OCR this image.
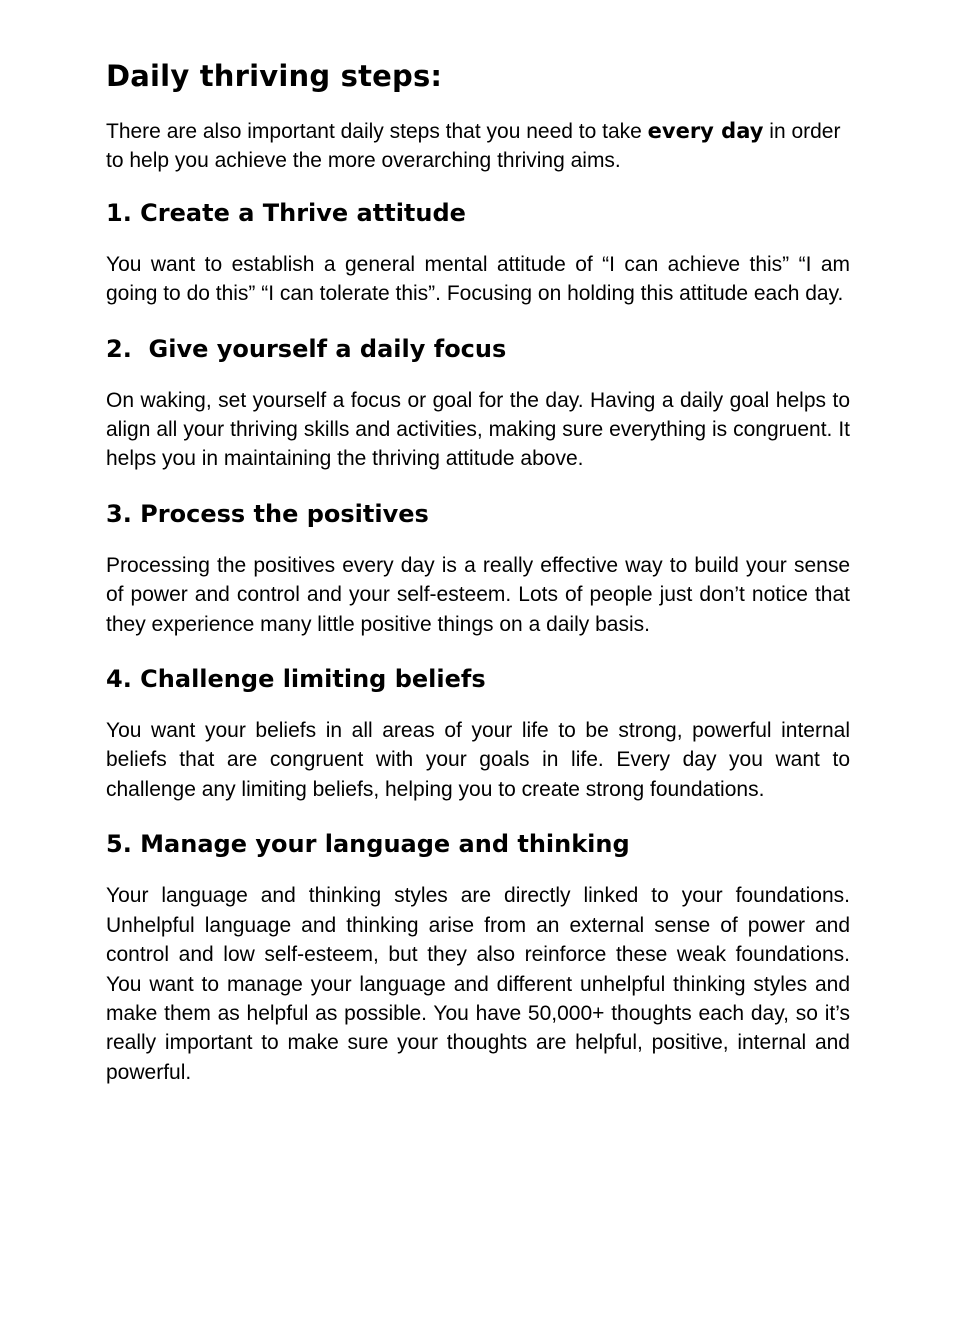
Daily thriving steps:

There are also important daily steps that you need to take every day in order to help you achieve the more overarching thriving aims.

1. Create a Thrive attitude

You want to establish a general mental attitude of “I can achieve this” “I am going to do this” “I can tolerate this”. Focusing on holding this attitude each day.

2.  Give yourself a daily focus

On waking, set yourself a focus or goal for the day. Having a daily goal helps to align all your thriving skills and activities, making sure everything is congruent. It helps you in maintaining the thriving attitude above.

3. Process the positives

Processing the positives every day is a really effective way to build your sense of power and control and your self-esteem. Lots of people just don’t notice that they experience many little positive things on a daily basis.

4. Challenge limiting beliefs

You want your beliefs in all areas of your life to be strong, powerful internal beliefs that are congruent with your goals in life. Every day you want to challenge any limiting beliefs, helping you to create strong foundations.

5. Manage your language and thinking

Your language and thinking styles are directly linked to your foundations. Unhelpful language and thinking arise from an external sense of power and control and low self-esteem, but they also reinforce these weak foundations. You want to manage your language and different unhelpful thinking styles and make them as helpful as possible. You have 50,000+ thoughts each day, so it’s really important to make sure your thoughts are helpful, positive, internal and powerful.
